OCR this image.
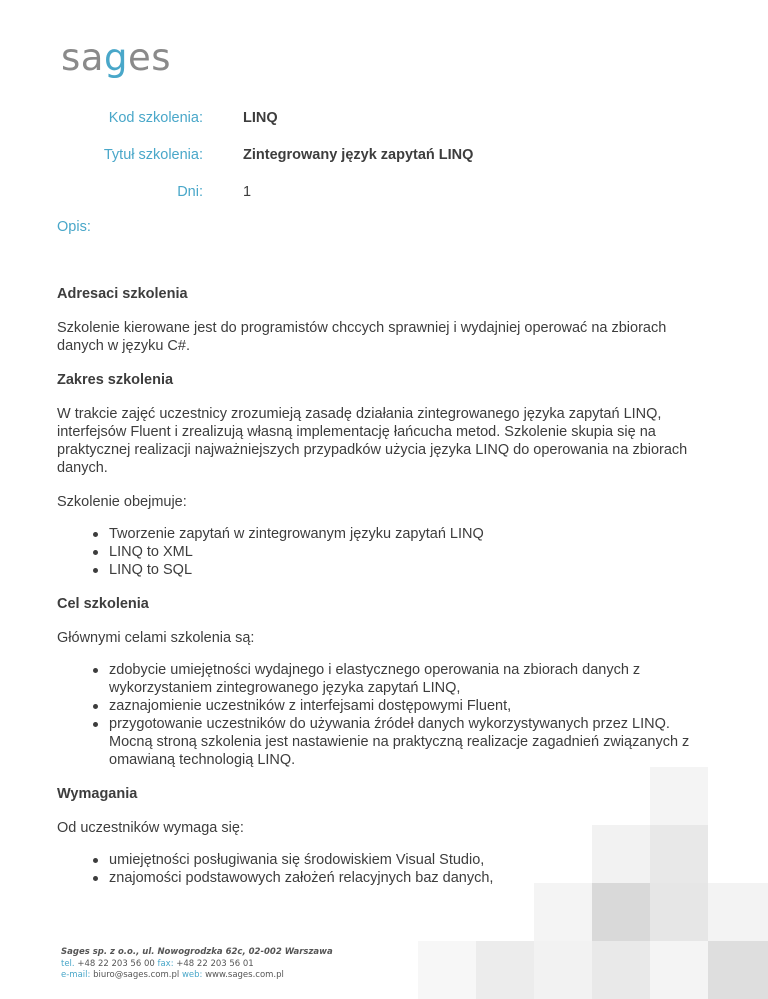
sages
Kod szkolenia:	LINQ
Tytuł szkolenia:	Zintegrowany język zapytań LINQ
Dni:	1
Opis:
Adresaci szkolenia

Szkolenie kierowane jest do programistów chccych sprawniej i wydajniej operować na zbiorach danych w języku C#.

Zakres szkolenia

W trakcie zajęć uczestnicy zrozumieją zasadę działania zintegrowanego języka zapytań LINQ, interfejsów Fluent i zrealizują własną implementację łańcucha metod. Szkolenie skupia się na praktycznej realizacji najważniejszych przypadków użycia języka LINQ do operowania na zbiorach danych.

Szkolenie obejmuje:

Tworzenie zapytań w zintegrowanym języku zapytań LINQ
LINQ to XML
LINQ to SQL
Cel szkolenia

Głównymi celami szkolenia są:

zdobycie umiejętności wydajnego i elastycznego operowania na zbiorach danych z wykorzystaniem zintegrowanego języka zapytań LINQ,
zaznajomienie uczestników z interfejsami dostępowymi Fluent,
przygotowanie uczestników do używania źródeł danych wykorzystywanych przez LINQ. Mocną stroną szkolenia jest nastawienie na praktyczną realizacje zagadnień związanych z omawianą technologią LINQ.
Wymagania

Od uczestników wymaga się:

umiejętności posługiwania się środowiskiem Visual Studio,
znajomości podstawowych założeń relacyjnych baz danych,
Sages sp. z o.o., ul. Nowogrodzka 62c, 02-002 Warszawa
tel. +48 22 203 56 00 fax: +48 22 203 56 01
e-mail: biuro@sages.com.pl web: www.sages.com.pl
